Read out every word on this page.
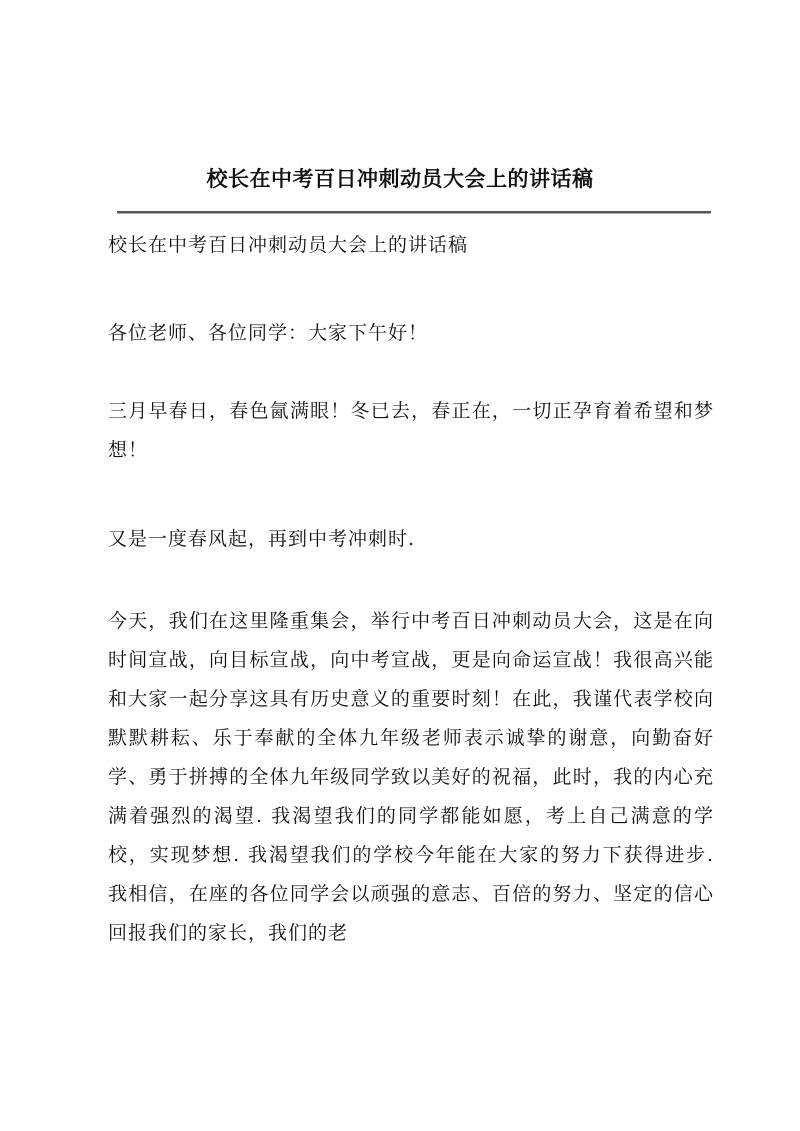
校长在中考百日冲刺动员大会上的讲话稿

校长在中考百日冲刺动员大会上的讲话稿

各位老师、各位同学：大家下午好！

三月早春日，春色氤满眼！冬已去，春正在，一切正孕育着希望和梦想！

又是一度春风起，再到中考冲刺时.

今天，我们在这里隆重集会，举行中考百日冲刺动员大会，这是在向时间宣战，向目标宣战，向中考宣战，更是向命运宣战！我很高兴能和大家一起分享这具有历史意义的重要时刻！在此，我谨代表学校向默默耕耘、乐于奉献的全体九年级老师表示诚挚的谢意，向勤奋好学、勇于拼搏的全体九年级同学致以美好的祝福，此时，我的内心充满着强烈的渴望. 我渴望我们的同学都能如愿，考上自己满意的学校，实现梦想. 我渴望我们的学校今年能在大家的努力下获得进步. 我相信，在座的各位同学会以顽强的意志、百倍的努力、坚定的信心回报我们的家长，我们的老
